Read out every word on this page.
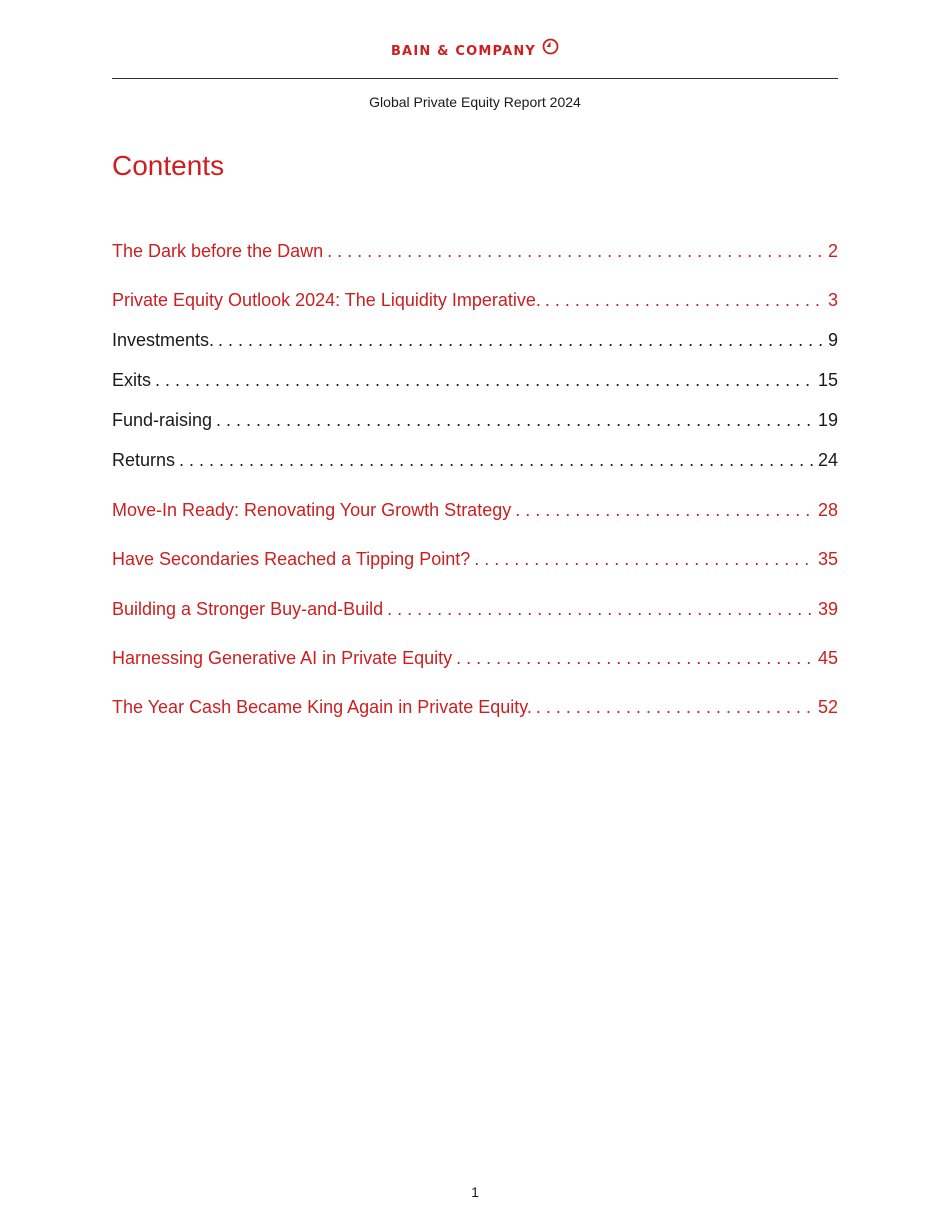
BAIN & COMPANY
Global Private Equity Report 2024
Contents
The Dark before the Dawn . . .	2
Private Equity Outlook 2024: The Liquidity Imperative. . . .	3
Investments. . . .	9
Exits . . .	15
Fund-raising . . .	19
Returns . . .	24
Move-In Ready: Renovating Your Growth Strategy . . .	28
Have Secondaries Reached a Tipping Point? . . .	35
Building a Stronger Buy-and-Build . . .	39
Harnessing Generative AI in Private Equity . . .	45
The Year Cash Became King Again in Private Equity. . . .	52
1
